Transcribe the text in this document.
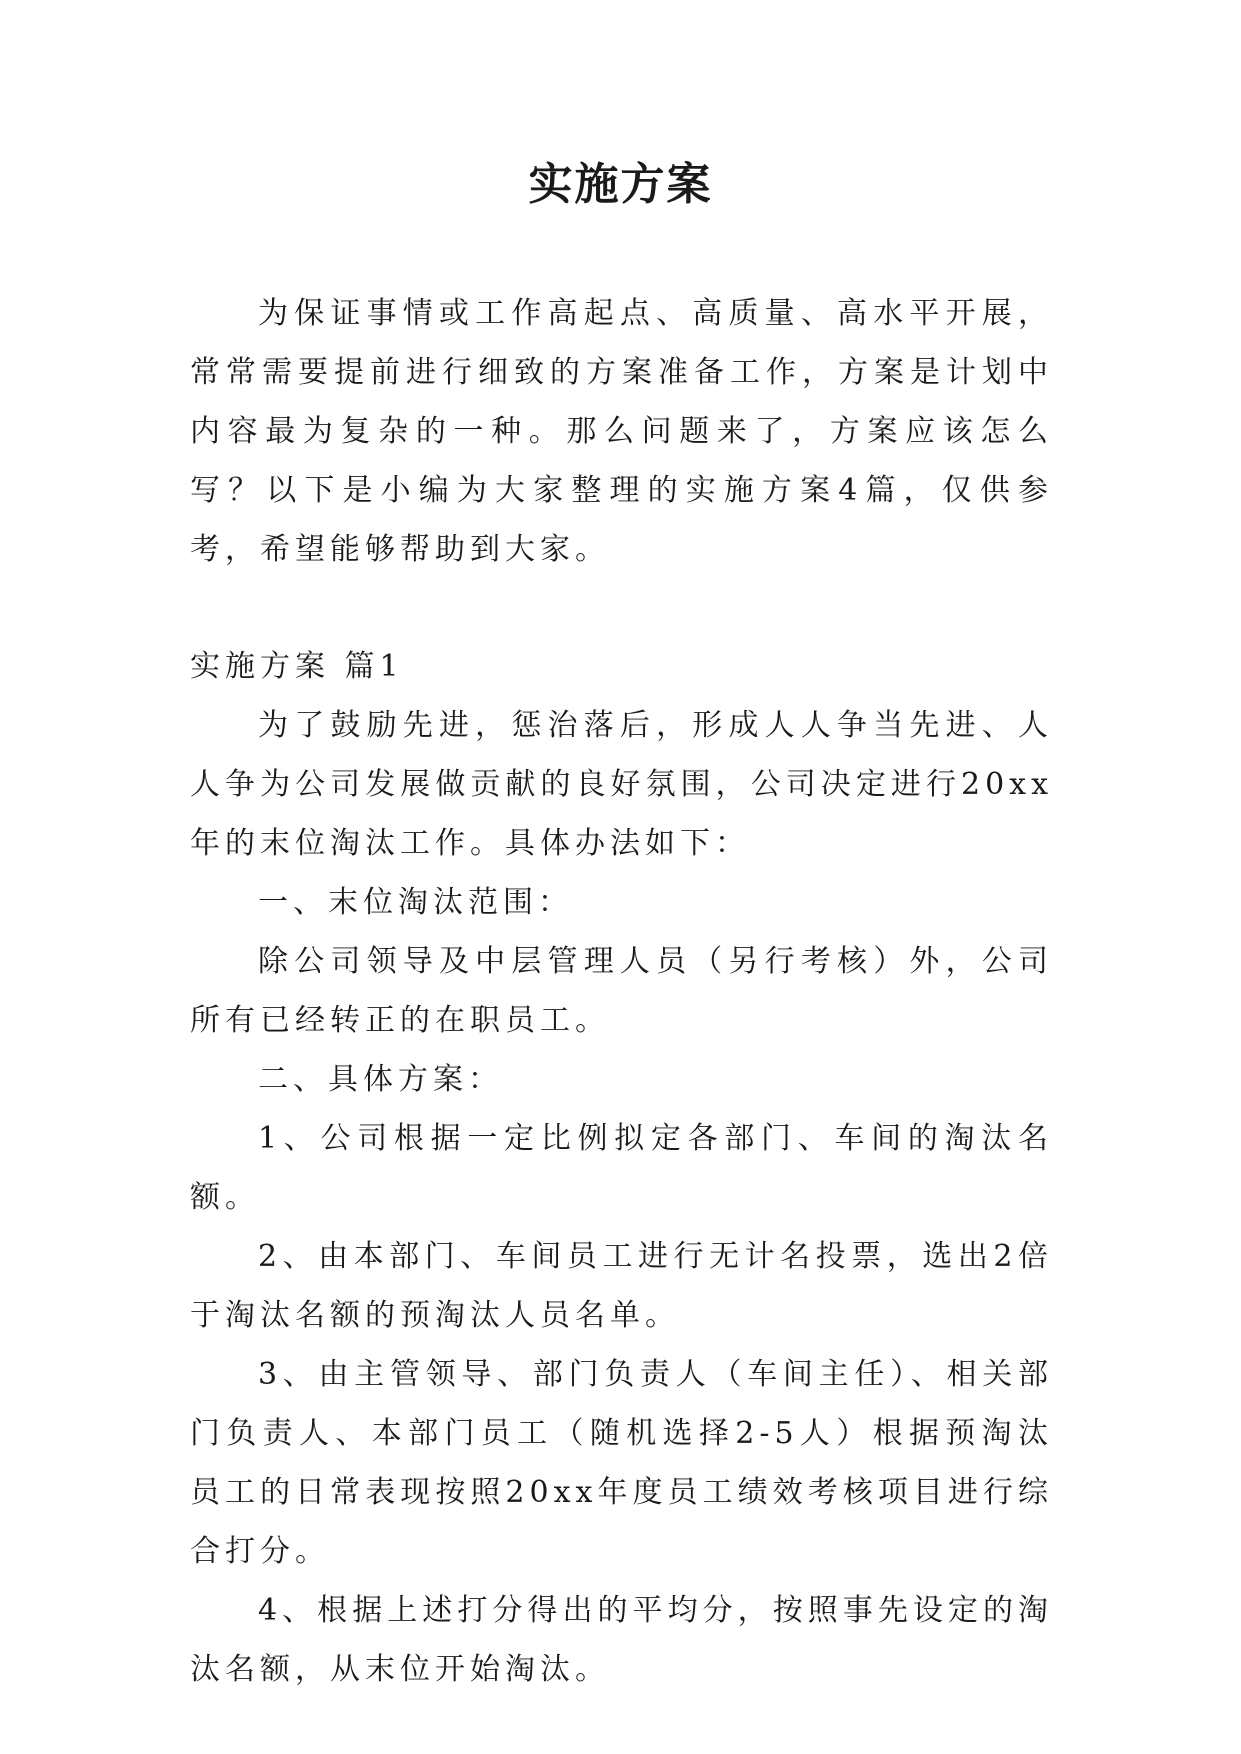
实施方案

为保证事情或工作高起点、高质量、高水平开展，常常需要提前进行细致的方案准备工作，方案是计划中内容最为复杂的一种。那么问题来了，方案应该怎么写？以下是小编为大家整理的实施方案4篇，仅供参考，希望能够帮助到大家。

实施方案 篇1

为了鼓励先进，惩治落后，形成人人争当先进、人人争为公司发展做贡献的良好氛围，公司决定进行20xx年的末位淘汰工作。具体办法如下：

一、末位淘汰范围：

除公司领导及中层管理人员（另行考核）外，公司所有已经转正的在职员工。

二、具体方案：

1、公司根据一定比例拟定各部门、车间的淘汰名额。

2、由本部门、车间员工进行无计名投票，选出2倍于淘汰名额的预淘汰人员名单。

3、由主管领导、部门负责人（车间主任）、相关部门负责人、本部门员工（随机选择2-5人）根据预淘汰员工的日常表现按照20xx年度员工绩效考核项目进行综合打分。

4、根据上述打分得出的平均分，按照事先设定的淘汰名额，从末位开始淘汰。
